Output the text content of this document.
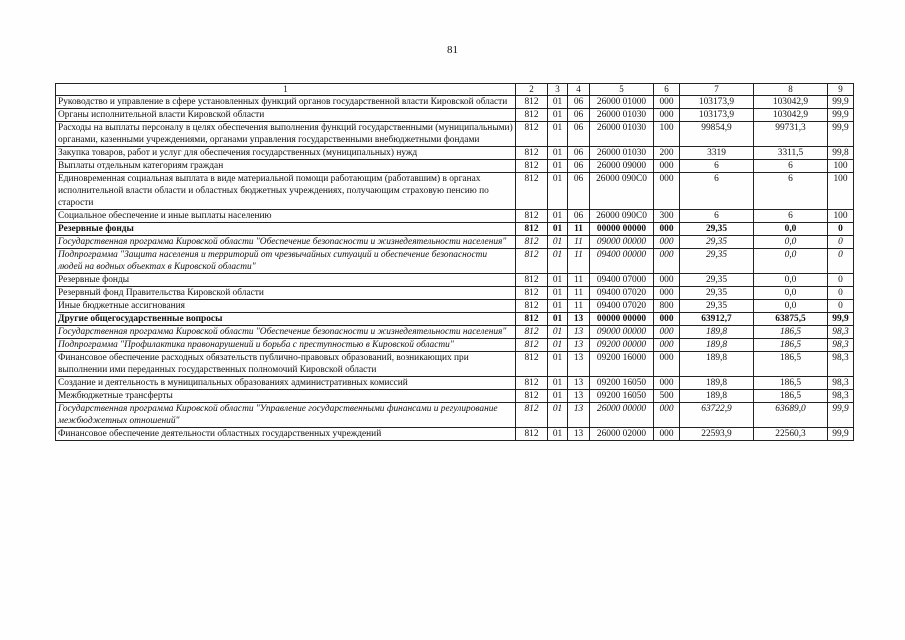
81
1	2	3	4	5	6	7	8	9
Руководство и управление в сфере установленных функций органов государственной власти Кировской области	812	01	06	26000 01000	000	103173,9	103042,9	99,9
Органы исполнительной власти Кировской области	812	01	06	26000 01030	000	103173,9	103042,9	99,9
Расходы на выплаты персоналу в целях обеспечения выполнения функций государственными (муниципальными) органами, казенными учреждениями, органами управления государственными внебюджетными фондами	812	01	06	26000 01030	100	99854,9	99731,3	99,9
Закупка товаров, работ и услуг для обеспечения государственных (муниципальных) нужд	812	01	06	26000 01030	200	3319	3311,5	99,8
Выплаты отдельным категориям граждан	812	01	06	26000 09000	000	6	6	100
Единовременная социальная выплата в виде материальной помощи работающим (работавшим) в органах исполнительной власти области и областных бюджетных учреждениях, получающим страховую пенсию по старости	812	01	06	26000 090С0	000	6	6	100
Социальное обеспечение и иные выплаты населению	812	01	06	26000 090С0	300	6	6	100
Резервные фонды	812	01	11	00000 00000	000	29,35	0,0	0
Государственная программа Кировской области "Обеспечение безопасности и жизнедеятельности населения"	812	01	11	09000 00000	000	29,35	0,0	0
Подпрограмма "Защита населения и территорий от чрезвычайных ситуаций и обеспечение безопасности людей на водных объектах в Кировской области"	812	01	11	09400 00000	000	29,35	0,0	0
Резервные фонды	812	01	11	09400 07000	000	29,35	0,0	0
Резервный фонд Правительства Кировской области	812	01	11	09400 07020	000	29,35	0,0	0
Иные бюджетные ассигнования	812	01	11	09400 07020	800	29,35	0,0	0
Другие общегосударственные вопросы	812	01	13	00000 00000	000	63912,7	63875,5	99,9
Государственная программа Кировской области "Обеспечение безопасности и жизнедеятельности населения"	812	01	13	09000 00000	000	189,8	186,5	98,3
Подпрограмма "Профилактика правонарушений и борьба с преступностью в Кировской области"	812	01	13	09200 00000	000	189,8	186,5	98,3
Финансовое обеспечение расходных обязательств публично-правовых образований, возникающих при выполнении ими переданных государственных полномочий Кировской области	812	01	13	09200 16000	000	189,8	186,5	98,3
Создание и деятельность в муниципальных образованиях административных комиссий	812	01	13	09200 16050	000	189,8	186,5	98,3
Межбюджетные трансферты	812	01	13	09200 16050	500	189,8	186,5	98,3
Государственная программа Кировской области "Управление государственными финансами и регулирование межбюджетных отношений"	812	01	13	26000 00000	000	63722,9	63689,0	99,9
Финансовое обеспечение деятельности областных государственных учреждений	812	01	13	26000 02000	000	22593,9	22560,3	99,9
